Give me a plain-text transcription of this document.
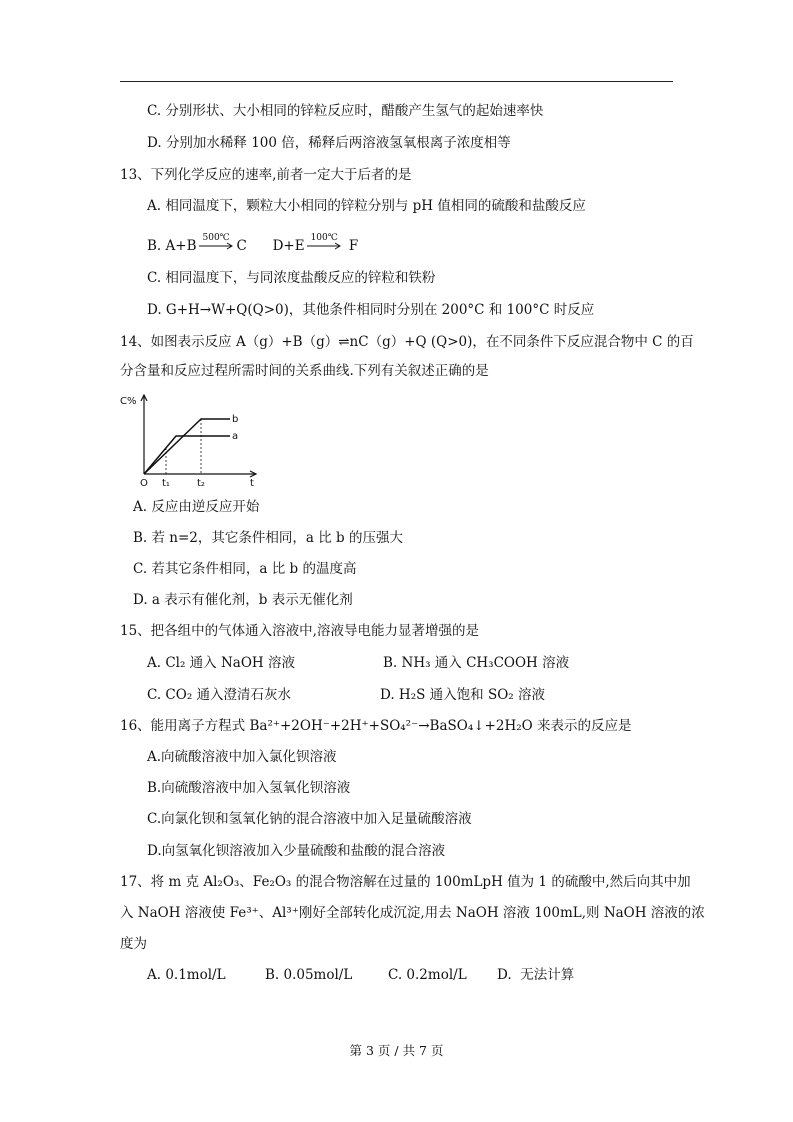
C. 分别形状、大小相同的锌粒反应时，醋酸产生氢气的起始速率快
D. 分别加水稀释 100 倍，稀释后两溶液氢氧根离子浓度相等
13、下列化学反应的速率,前者一定大于后者的是
A. 相同温度下，颗粒大小相同的锌粒分别与 pH 值相同的硫酸和盐酸反应
B. A+B 500℃ C      D+E 100℃ F
C. 相同温度下，与同浓度盐酸反应的锌粒和铁粉
D. G+H→W+Q(Q>0)，其他条件相同时分别在 200°C 和 100°C 时反应
14、如图表示反应 A（g）+B（g）⇌nC（g）+Q (Q>0)，在不同条件下反应混合物中 C 的百
分含量和反应过程所需时间的关系曲线.下列有关叙述正确的是
C%
b
a
O t₁	t₂	t
A. 反应由逆反应开始
B. 若 n=2，其它条件相同，a 比 b 的压强大
C. 若其它条件相同，a 比 b 的温度高
D. a 表示有催化剂，b 表示无催化剂
15、把各组中的气体通入溶液中,溶液导电能力显著增强的是
A. Cl₂ 通入 NaOH 溶液	B. NH₃ 通入 CH₃COOH 溶液
C. CO₂ 通入澄清石灰水	D. H₂S 通入饱和 SO₂ 溶液
16、能用离子方程式 Ba²⁺+2OH⁻+2H⁺+SO₄²⁻→BaSO₄↓+2H₂O 来表示的反应是
A.向硫酸溶液中加入氯化钡溶液
B.向硫酸溶液中加入氢氧化钡溶液
C.向氯化钡和氢氧化钠的混合溶液中加入足量硫酸溶液
D.向氢氧化钡溶液加入少量硫酸和盐酸的混合溶液
17、将 m 克 Al₂O₃、Fe₂O₃ 的混合物溶解在过量的 100mLpH 值为 1 的硫酸中,然后向其中加
入 NaOH 溶液使 Fe³⁺、Al³⁺刚好全部转化成沉淀,用去 NaOH 溶液 100mL,则 NaOH 溶液的浓
度为
A. 0.1mol/L	B. 0.05mol/L	C. 0.2mol/L D.  无法计算
第 3 页 / 共 7 页
